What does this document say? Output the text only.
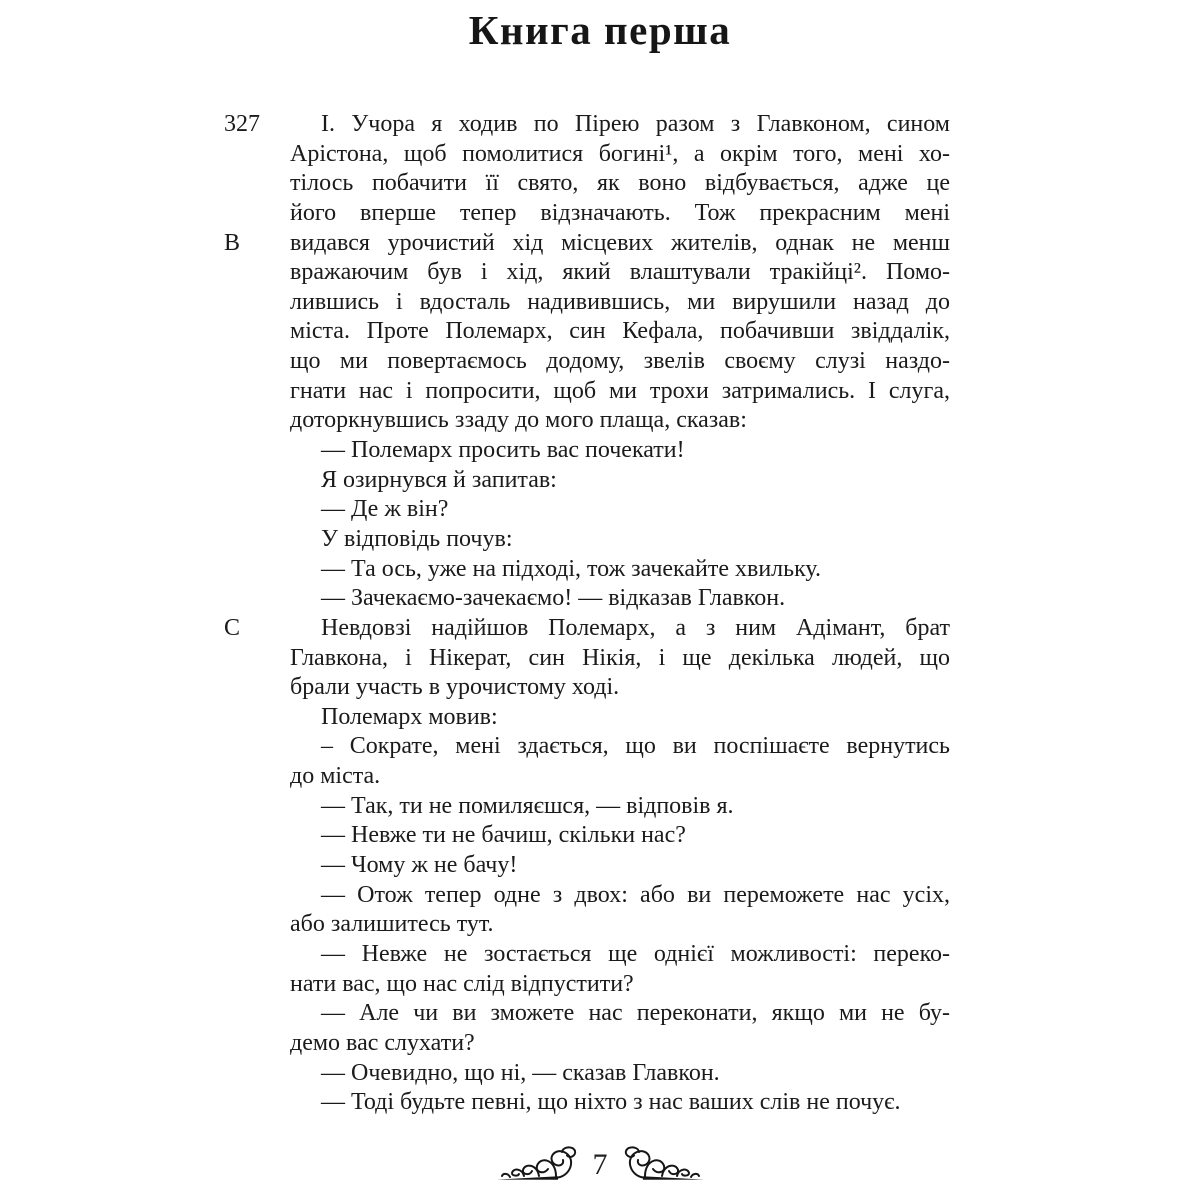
Книга перша
327
В
С
І. Учора я ходив по Пірею разом з Главконом, сином
Арістона, щоб помолитися богині¹, а окрім того, мені хо-
тілось побачити її свято, як воно відбувається, адже це
його вперше тепер відзначають. Тож прекрасним мені
видався урочистий хід місцевих жителів, однак не менш
вражаючим був і хід, який влаштували тракійці². Помо-
лившись і вдосталь надивившись, ми вирушили назад до
міста. Проте Полемарх, син Кефала, побачивши звіддалік,
що ми повертаємось додому, звелів своєму слузі наздо-
гнати нас і попросити, щоб ми трохи затримались. І слуга,
доторкнувшись ззаду до мого плаща, сказав:
— Полемарх просить вас почекати!
Я озирнувся й запитав:
— Де ж він?
У відповідь почув:
— Та ось, уже на підході, тож зачекайте хвильку.
— Зачекаємо-зачекаємо! — відказав Главкон.
Невдовзі надійшов Полемарх, а з ним Адімант, брат
Главкона, і Нікерат, син Нікія, і ще декілька людей, що
брали участь в урочистому ході.
Полемарх мовив:
– Сократе, мені здається, що ви поспішаєте вернутись
до міста.
— Так, ти не помиляєшся, — відповів я.
— Невже ти не бачиш, скільки нас?
— Чому ж не бачу!
— Отож тепер одне з двох: або ви переможете нас усіх,
або залишитесь тут.
— Невже не зостається ще однієї можливості: переко-
нати вас, що нас слід відпустити?
— Але чи ви зможете нас переконати, якщо ми не бу-
демо вас слухати?
— Очевидно, що ні, — сказав Главкон.
— Тоді будьте певні, що ніхто з нас ваших слів не почує.
7
